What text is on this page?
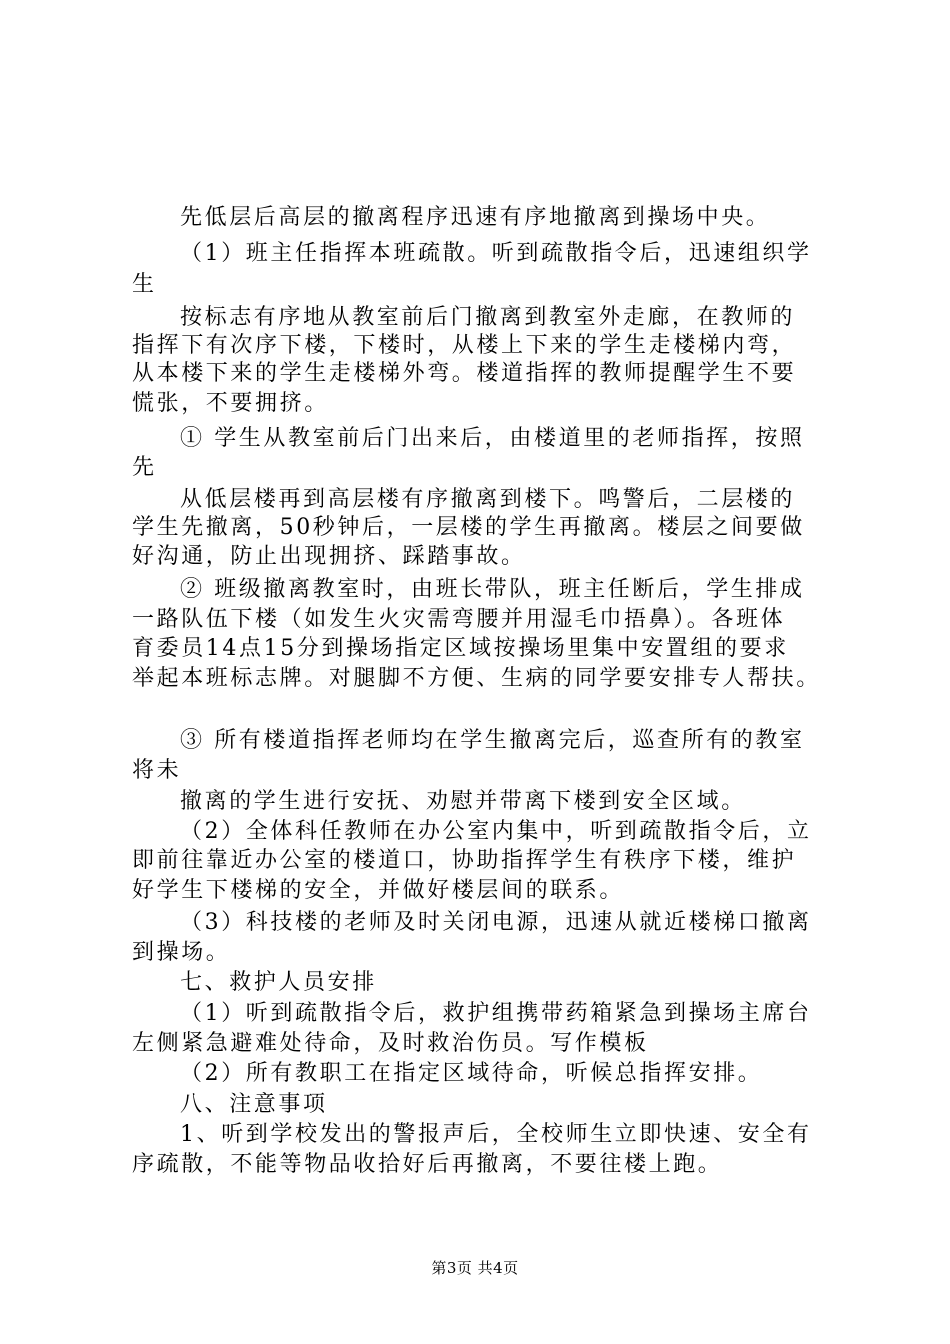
先低层后高层的撤离程序迅速有序地撤离到操场中央。
（1）班主任指挥本班疏散。听到疏散指令后，迅速组织学
生
按标志有序地从教室前后门撤离到教室外走廊，在教师的
指挥下有次序下楼，下楼时，从楼上下来的学生走楼梯内弯，
从本楼下来的学生走楼梯外弯。楼道指挥的教师提醒学生不要
慌张，不要拥挤。
① 学生从教室前后门出来后，由楼道里的老师指挥，按照
先
从低层楼再到高层楼有序撤离到楼下。鸣警后，二层楼的
学生先撤离，50秒钟后，一层楼的学生再撤离。楼层之间要做
好沟通，防止出现拥挤、踩踏事故。
② 班级撤离教室时，由班长带队，班主任断后，学生排成
一路队伍下楼（如发生火灾需弯腰并用湿毛巾捂鼻）。各班体
育委员14点15分到操场指定区域按操场里集中安置组的要求
举起本班标志牌。对腿脚不方便、生病的同学要安排专人帮扶。
③ 所有楼道指挥老师均在学生撤离完后，巡查所有的教室
将未
撤离的学生进行安抚、劝慰并带离下楼到安全区域。
（2）全体科任教师在办公室内集中，听到疏散指令后，立
即前往靠近办公室的楼道口，协助指挥学生有秩序下楼，维护
好学生下楼梯的安全，并做好楼层间的联系。
（3）科技楼的老师及时关闭电源，迅速从就近楼梯口撤离
到操场。
七、救护人员安排
（1）听到疏散指令后，救护组携带药箱紧急到操场主席台
左侧紧急避难处待命，及时救治伤员。写作模板
（2）所有教职工在指定区域待命，听候总指挥安排。
八、注意事项
1、听到学校发出的警报声后，全校师生立即快速、安全有
序疏散，不能等物品收拾好后再撤离，不要往楼上跑。
第3页 共4页
